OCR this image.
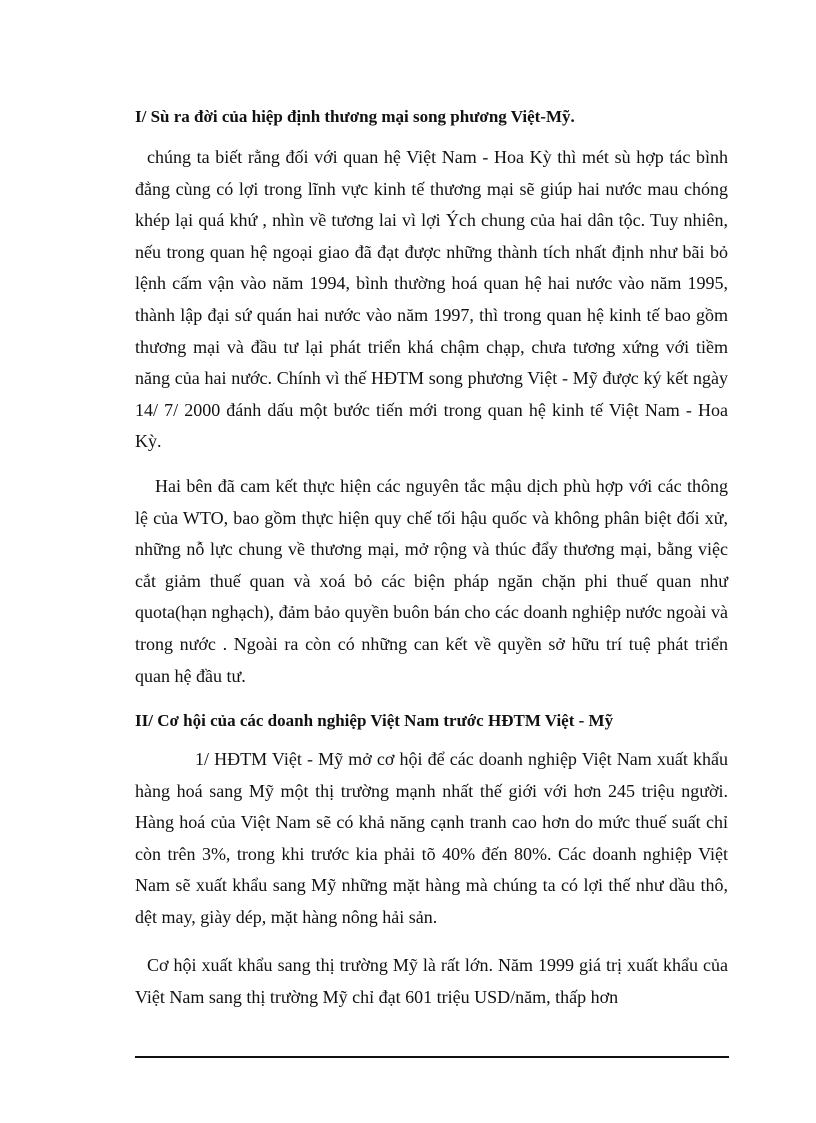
I/ Sù ra đời của hiệp định thương mại song phương Việt-Mỹ.

chúng ta biết rằng đối với quan hệ Việt Nam - Hoa Kỳ thì mét sù hợp tác bình đẳng cùng có lợi trong lĩnh vực kinh tế thương mại sẽ giúp hai nước mau chóng khép lại quá khứ , nhìn về tương lai vì lợi Ých chung của hai dân tộc. Tuy nhiên, nếu trong quan hệ ngoại giao đã đạt được những thành tích nhất định như bãi bỏ lệnh cấm vận vào năm 1994, bình thường hoá quan hệ hai nước vào năm 1995, thành lập đại sứ quán hai nước vào năm 1997, thì trong quan hệ kinh tế bao gồm thương mại và đầu tư lại phát triển khá chậm chạp, chưa tương xứng với tiềm năng của hai nước. Chính vì thế HĐTM song phương Việt - Mỹ được ký kết ngày 14/ 7/ 2000 đánh dấu một bước tiến mới trong quan hệ kinh tế Việt Nam - Hoa Kỳ.

Hai bên đã cam kết thực hiện các nguyên tắc mậu dịch phù hợp với các thông lệ của WTO, bao gồm thực hiện quy chế tối hậu quốc và không phân biệt đối xử, những nỗ lực chung về thương mại, mở rộng và thúc đẩy thương mại, bằng việc cắt giảm thuế quan và xoá bỏ các biện pháp ngăn chặn phi thuế quan như quota(hạn nghạch), đảm bảo quyền buôn bán cho các doanh nghiệp nước ngoài và trong nước . Ngoài ra còn có những can kết về quyền sở hữu trí tuệ phát triển quan hệ đầu tư.

II/ Cơ hội của các doanh nghiệp Việt Nam trước HĐTM Việt - Mỹ

1/ HĐTM Việt - Mỹ mở cơ hội để các doanh nghiệp Việt Nam xuất khẩu hàng hoá sang Mỹ một thị trường mạnh nhất thế giới với hơn 245 triệu người. Hàng hoá của Việt Nam sẽ có khả năng cạnh tranh cao hơn do mức thuế suất chỉ còn trên 3%, trong khi trước kia phải tõ 40% đến 80%. Các doanh nghiệp Việt Nam sẽ xuất khẩu sang Mỹ những mặt hàng mà chúng ta có lợi thế như dầu thô, dệt may, giày dép, mặt hàng nông hải sản.

Cơ hội xuất khẩu sang thị trường Mỹ là rất lớn. Năm 1999 giá trị xuất khẩu của Việt Nam sang thị trường Mỹ chỉ đạt 601 triệu USD/năm, thấp hơn
